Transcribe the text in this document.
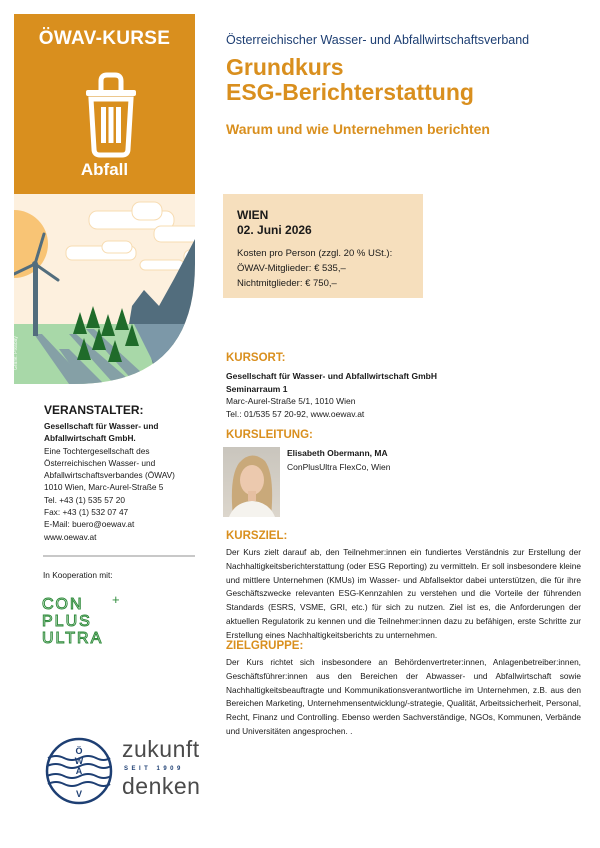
ÖWAV-KURSE
Abfall
Grafik: Pixabay
Österreichischer Wasser- und Abfallwirtschaftsverband
Grundkurs
ESG-Berichterstattung
Warum und wie Unternehmen berichten
WIEN
02. Juni 2026
Kosten pro Person (zzgl. 20 % USt.):
ÖWAV-Mitglieder: € 535,–
Nichtmitglieder: € 750,–
KURSORT:
Gesellschaft für Wasser- und Abfallwirtschaft GmbH
Seminarraum 1
Marc-Aurel-Straße 5/1, 1010 Wien
Tel.: 01/535 57 20-92, www.oewav.at
KURSLEITUNG:
Elisabeth Obermann, MA
ConPlusUltra FlexCo, Wien
KURSZIEL:
Der Kurs zielt darauf ab, den Teilnehmer:innen ein fundiertes Verständnis zur Erstellung der Nachhaltigkeitsberichterstattung (oder ESG Reporting) zu vermitteln. Er soll insbesondere kleine und mittlere Unternehmen (KMUs) im Wasser- und Abfallsektor dabei unterstützen, die für ihre Geschäftszwecke relevanten ESG-Kennzahlen zu verstehen und die Vorteile der führenden Standards (ESRS, VSME, GRI, etc.) für sich zu nutzen. Ziel ist es, die Anforderungen der aktuellen Regulatorik zu kennen und die Teilnehmer:innen dazu zu befähigen, erste Schritte zur Erstellung eines Nachhaltigkeitsberichts zu unternehmen.
ZIELGRUPPE:
Der Kurs richtet sich insbesondere an Behördenvertreter:innen, Anlagenbetreiber:innen, Geschäftsführer:innen aus den Bereichen der Abwasser- und Abfallwirtschaft sowie Nachhaltigkeitsbeauftragte und Kommunikationsverantwortliche im Unternehmen, z.B. aus den Bereichen Marketing, Unternehmensentwicklung/-strategie, Qualität, Arbeitssicherheit, Personal, Recht, Finanz und Controlling. Ebenso werden Sachverständige, NGOs, Kommunen, Verbände und Universitäten angesprochen. .
VERANSTALTER:
Gesellschaft für Wasser- und
Abfallwirtschaft GmbH.
Eine Tochtergesellschaft des
Österreichischen Wasser- und
Abfallwirtschaftsverbandes (ÖWAV)
1010 Wien, Marc-Aurel-Straße 5
Tel. +43 (1) 535 57 20
Fax: +43 (1) 532 07 47
E-Mail: buero@oewav.at
www.oewav.at
In Kooperation mit:
CON
PLUS
ULTRA
+
Ö
W
A
V
zukunft
SEIT 1909
denken
